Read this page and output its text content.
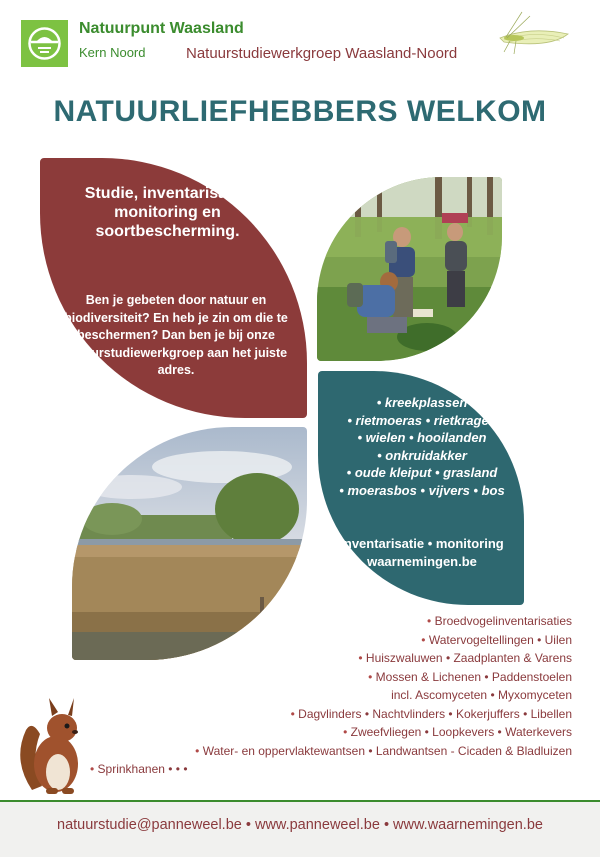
Natuurpunt Waasland
Kern Noord	Natuurstudiewerkgroep Waasland-Noord
NATUURLIEFHEBBERS WELKOM
Studie, inventarisatie, monitoring en soortbescherming.
Ben je gebeten door natuur en biodiversiteit? En heb je zin om die te beschermen? Dan ben je bij onze natuurstudiewerkgroep aan het juiste adres.
• kreekplassen
• rietmoeras • rietkragen
• wielen • hooilanden
• onkruidakker
• oude kleiput • grasland
• moerasbos • vijvers • bos
inventarisatie • monitoring
waarnemingen.be
• Broedvogelinventarisaties
• Watervogeltellingen • Uilen
• Huiszwaluwen • Zaadplanten & Varens
• Mossen & Lichenen • Paddenstoelen
incl. Ascomyceten • Myxomyceten
• Dagvlinders • Nachtvlinders • Kokerjuffers • Libellen
• Zweefvliegen • Loopkevers • Waterkevers
• Water- en oppervlaktewantsen • Landwantsen - Cicaden & Bladluizen
• Sprinkhanen • • •
natuurstudie@panneweel.be • www.panneweel.be • www.waarnemingen.be
